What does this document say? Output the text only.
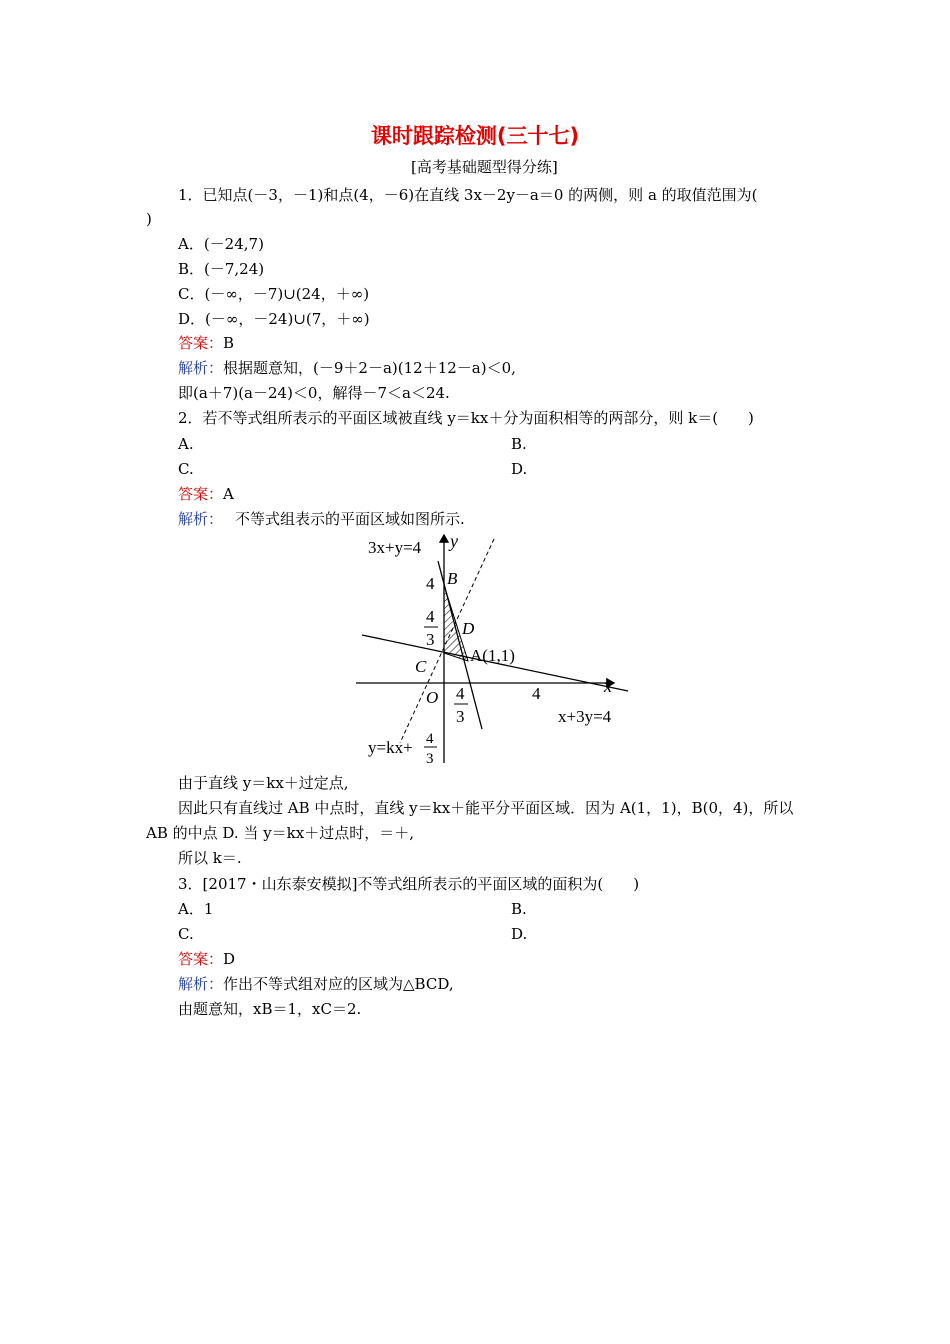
课时跟踪检测(三十七)
[高考基础题型得分练]
1．已知点(－3，－1)和点(4，－6)在直线 3x－2y－a＝0 的两侧，则 a 的取值范围为(
)
A．(－24,7)
B．(－7,24)
C．(－∞，－7)∪(24，＋∞)
D．(－∞，－24)∪(7，＋∞)
答案：B
解析：根据题意知，(－9＋2－a)(12＋12－a)＜0,
即(a＋7)(a－24)＜0，解得－7＜a＜24.
2．若不等式组所表示的平面区域被直线 y＝kx＋分为面积相等的两部分，则 k＝(　　)
A.	B.
C.	D.
答案：A
解析： 不等式组表示的平面区域如图所示.
3x+y=4 y
x
B
4
4
3
D
A(1,1)
C
O 4
3
4
x+3y=4
y=kx+ 4
3
由于直线 y＝kx＋过定点,
因此只有直线过 AB 中点时，直线 y＝kx＋能平分平面区域．因为 A(1，1)，B(0，4)，所以
AB 的中点 D. 当 y＝kx＋过点时，＝＋,
所以 k＝.
3．[2017・山东泰安模拟]不等式组所表示的平面区域的面积为(　　)
A．1	B.
C.	D.
答案：D
解析：作出不等式组对应的区域为△BCD,
由题意知，xB＝1，xC＝2.
